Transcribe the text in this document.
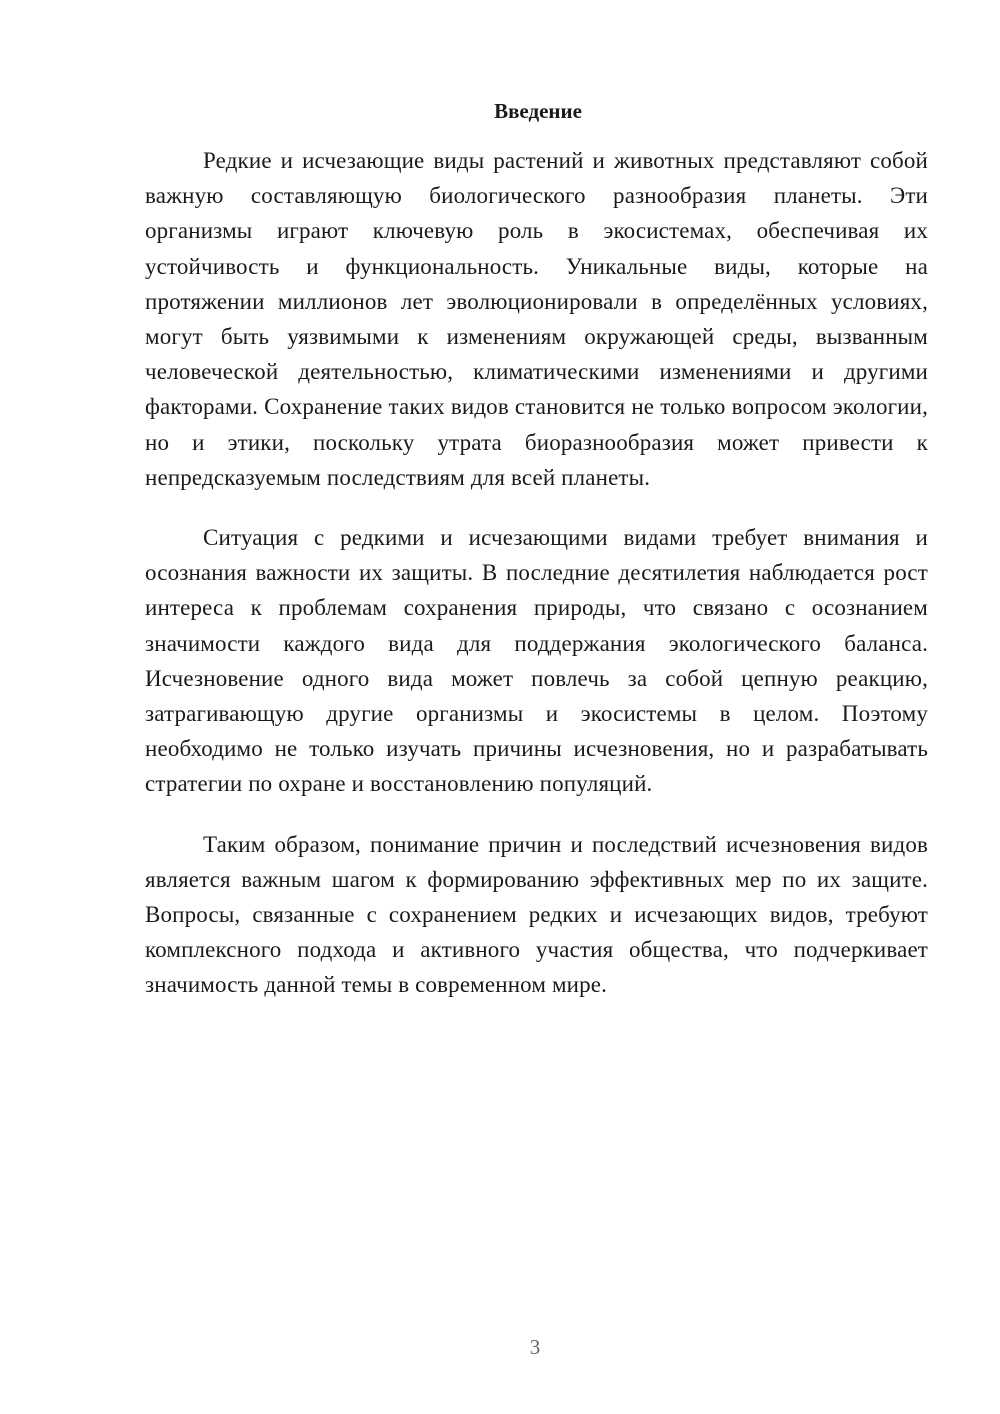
Введение

Редкие и исчезающие виды растений и животных представляют собой важную составляющую биологического разнообразия планеты. Эти организмы играют ключевую роль в экосистемах, обеспечивая их устойчивость и функциональность. Уникальные виды, которые на протяжении миллионов лет эволюционировали в определённых условиях, могут быть уязвимыми к изменениям окружающей среды, вызванным человеческой деятельностью, климатическими изменениями и другими факторами. Сохранение таких видов становится не только вопросом экологии, но и этики, поскольку утрата биоразнообразия может привести к непредсказуемым последствиям для всей планеты.

Ситуация с редкими и исчезающими видами требует внимания и осознания важности их защиты. В последние десятилетия наблюдается рост интереса к проблемам сохранения природы, что связано с осознанием значимости каждого вида для поддержания экологического баланса. Исчезновение одного вида может повлечь за собой цепную реакцию, затрагивающую другие организмы и экосистемы в целом. Поэтому необходимо не только изучать причины исчезновения, но и разрабатывать стратегии по охране и восстановлению популяций.

Таким образом, понимание причин и последствий исчезновения видов является важным шагом к формированию эффективных мер по их защите. Вопросы, связанные с сохранением редких и исчезающих видов, требуют комплексного подхода и активного участия общества, что подчеркивает значимость данной темы в современном мире.

3
